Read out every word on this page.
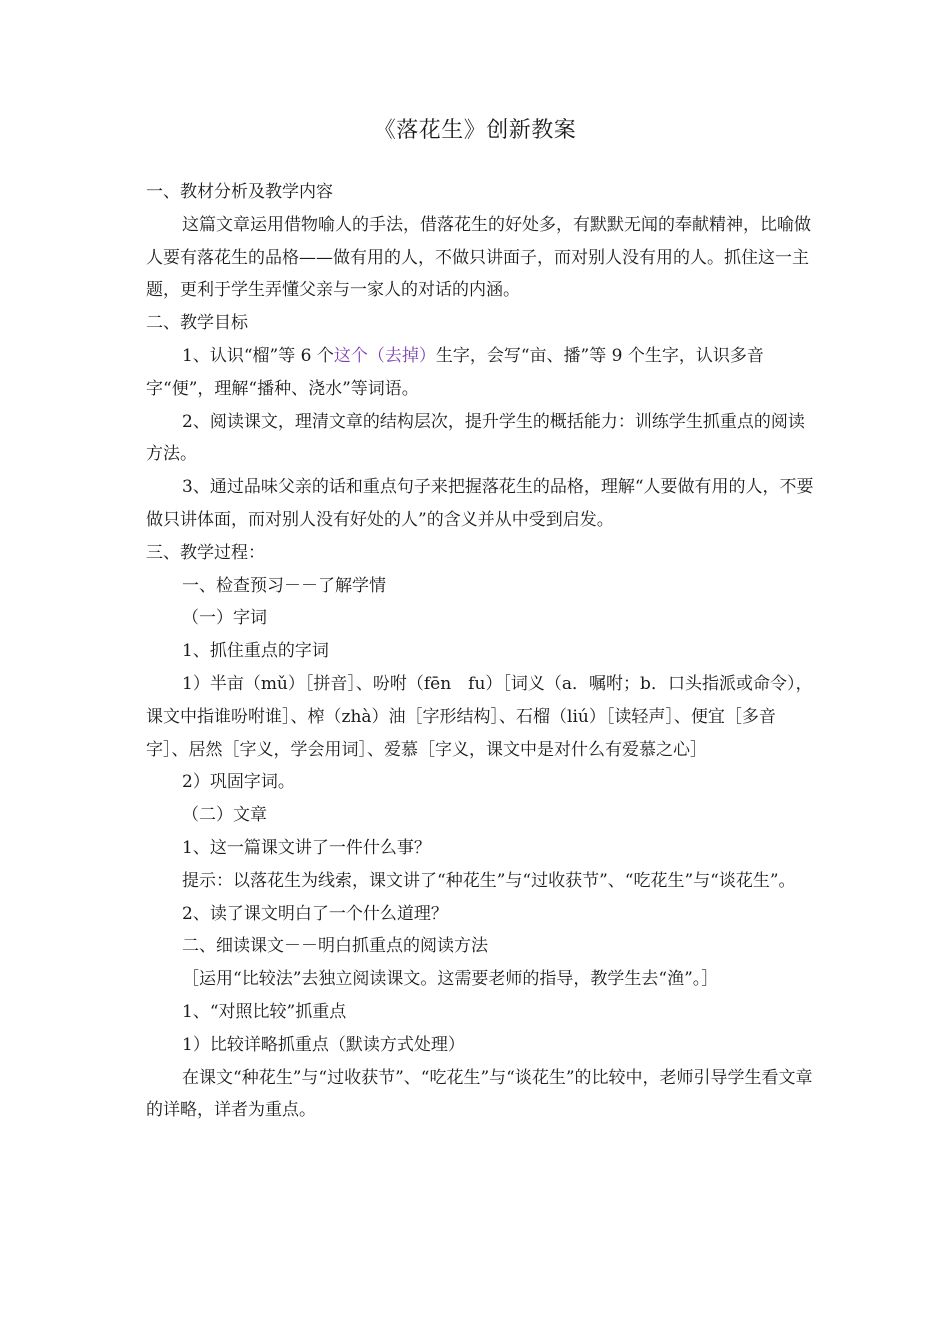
《落花生》创新教案

一、教材分析及教学内容

这篇文章运用借物喻人的手法，借落花生的好处多，有默默无闻的奉献精神，比喻做人要有落花生的品格——做有用的人，不做只讲面子，而对别人没有用的人。抓住这一主题，更利于学生弄懂父亲与一家人的对话的内涵。

二、教学目标

1、认识“榴”等 6 个这个（去掉）生字，会写“亩、播”等 9 个生字，认识多音字“便”，理解“播种、浇水”等词语。

2、阅读课文，理清文章的结构层次，提升学生的概括能力：训练学生抓重点的阅读方法。

3、通过品味父亲的话和重点句子来把握落花生的品格，理解“人要做有用的人，不要做只讲体面，而对别人没有好处的人”的含义并从中受到启发。

三、教学过程：

一、检查预习－－了解学情

（一）字词

1、抓住重点的字词

1）半亩（mǔ）［拼音］、吩咐（fēn　fu）［词义（a．嘱咐；b．口头指派或命令），课文中指谁吩咐谁］、榨（zhà）油［字形结构］、石榴（liú）［读轻声］、便宜［多音字］、居然［字义，学会用词］、爱慕［字义，课文中是对什么有爱慕之心］

2）巩固字词。

（二）文章

1、这一篇课文讲了一件什么事？

提示：以落花生为线索，课文讲了“种花生”与“过收获节”、“吃花生”与“谈花生”。

2、读了课文明白了一个什么道理？

二、细读课文－－明白抓重点的阅读方法

［运用“比较法”去独立阅读课文。这需要老师的指导，教学生去“渔”。］

1、“对照比较”抓重点

1）比较详略抓重点（默读方式处理）

在课文“种花生”与“过收获节”、“吃花生”与“谈花生”的比较中，老师引导学生看文章的详略，详者为重点。
